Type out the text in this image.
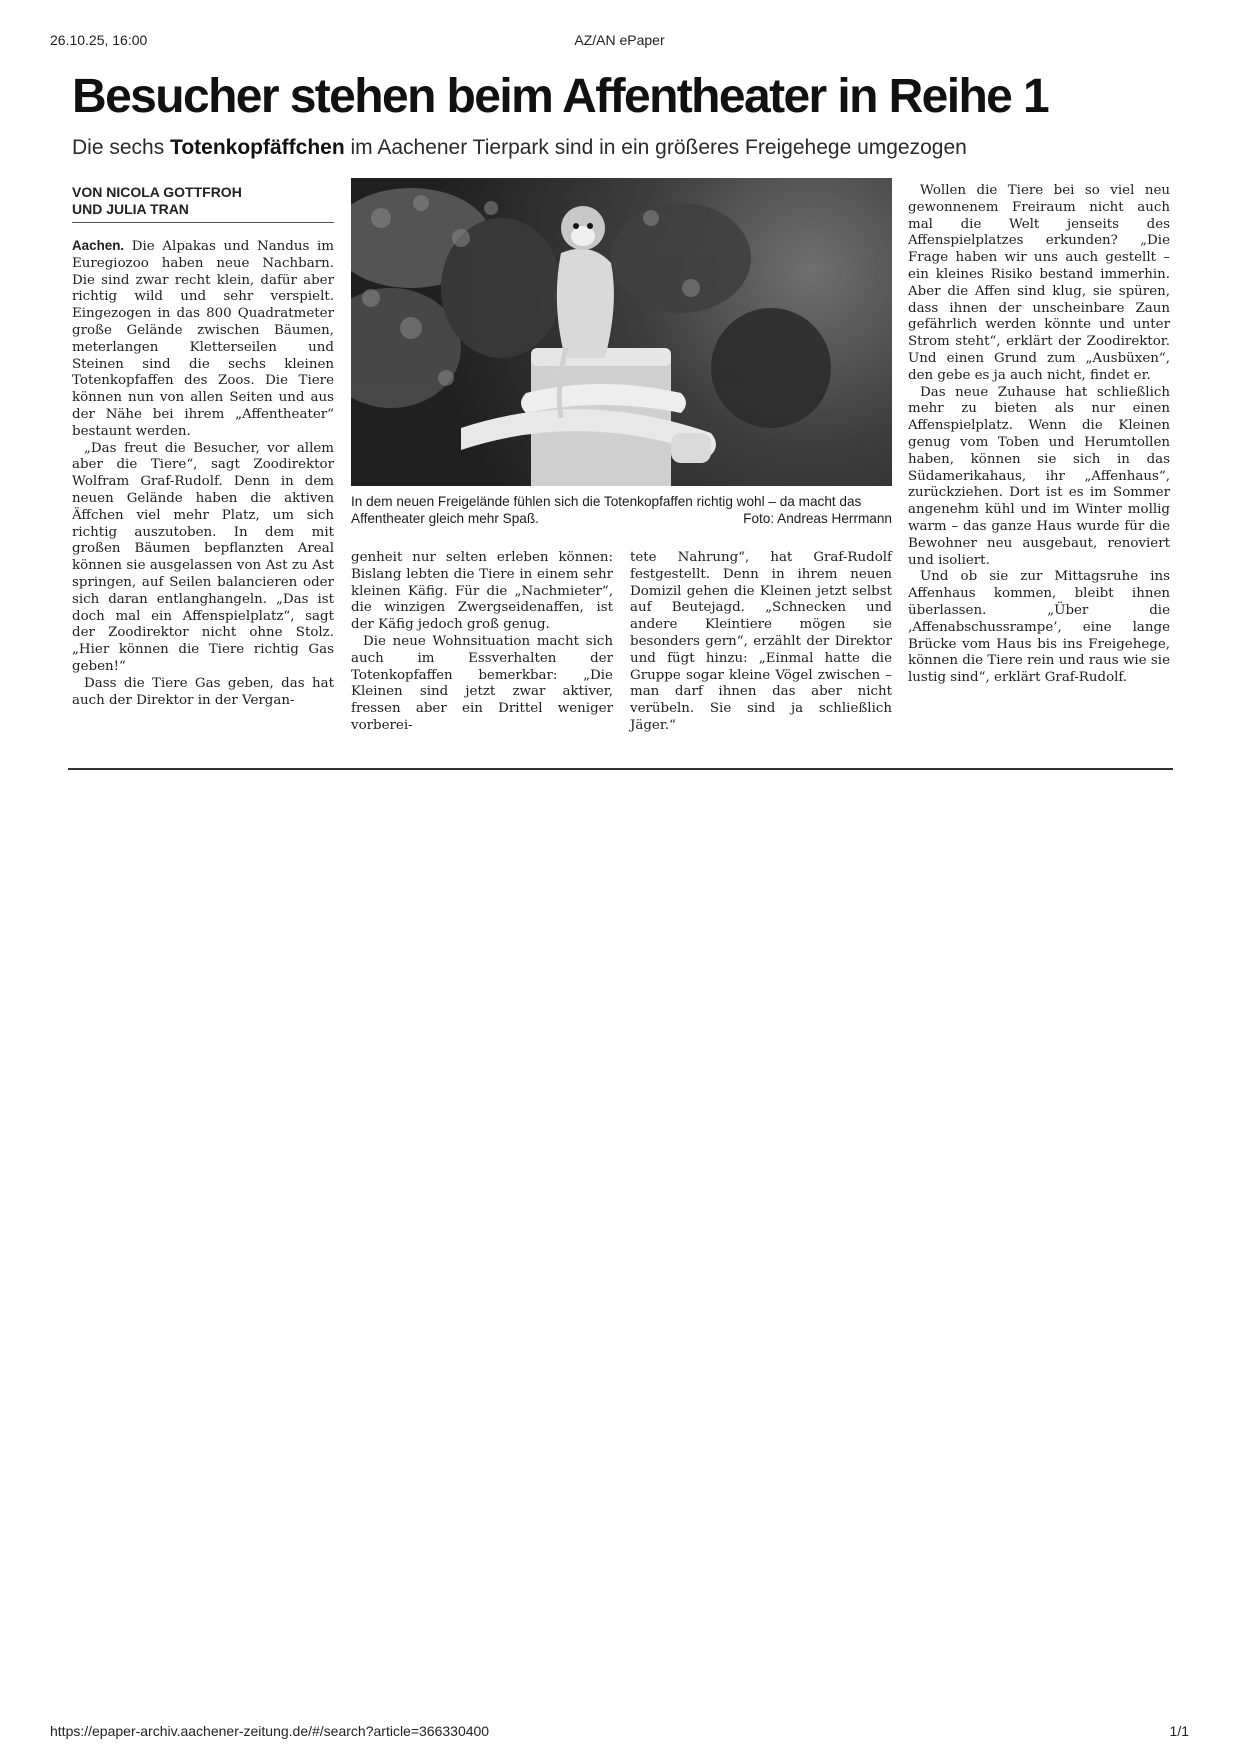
26.10.25, 16:00	AZ/AN ePaper
Besucher stehen beim Affentheater in Reihe 1
Die sechs Totenkopfäffchen im Aachener Tierpark sind in ein größeres Freigehege umgezogen
VON NICOLA GOTTFROH
UND JULIA TRAN

Aachen. Die Alpakas und Nandus im Euregiozoo haben neue Nachbarn. Die sind zwar recht klein, dafür aber richtig wild und sehr verspielt. Eingezogen in das 800 Quadratmeter große Gelände zwischen Bäumen, meterlangen Kletterseilen und Steinen sind die sechs kleinen Totenkopfaffen des Zoos. Die Tiere können nun von allen Seiten und aus der Nähe bei ihrem „Affentheater“ bestaunt werden.

„Das freut die Besucher, vor allem aber die Tiere“, sagt Zoodirektor Wolfram Graf-Rudolf. Denn in dem neuen Gelände haben die aktiven Äffchen viel mehr Platz, um sich richtig auszutoben. In dem mit großen Bäumen bepflanzten Areal können sie ausgelassen von Ast zu Ast springen, auf Seilen balancieren oder sich daran entlanghangeln. „Das ist doch mal ein Affenspielplatz“, sagt der Zoodirektor nicht ohne Stolz. „Hier können die Tiere richtig Gas geben!“

Dass die Tiere Gas geben, das hat auch der Direktor in der Vergan-

In dem neuen Freigelände fühlen sich die Totenkopfaffen richtig wohl – da macht das Affentheater gleich mehr Spaß.	Foto: Andreas Herrmann

genheit nur selten erleben können: Bislang lebten die Tiere in einem sehr kleinen Käfig. Für die „Nachmieter“, die winzigen Zwergseidenaffen, ist der Käfig jedoch groß genug.

Die neue Wohnsituation macht sich auch im Essverhalten der Totenkopfaffen bemerkbar: „Die Kleinen sind jetzt zwar aktiver, fressen aber ein Drittel weniger vorberei-

tete Nahrung“, hat Graf-Rudolf festgestellt. Denn in ihrem neuen Domizil gehen die Kleinen jetzt selbst auf Beutejagd. „Schnecken und andere Kleintiere mögen sie besonders gern“, erzählt der Direktor und fügt hinzu: „Einmal hatte die Gruppe sogar kleine Vögel zwischen – man darf ihnen das aber nicht verübeln. Sie sind ja schließlich Jäger.“

Wollen die Tiere bei so viel neu gewonnenem Freiraum nicht auch mal die Welt jenseits des Affenspielplatzes erkunden? „Die Frage haben wir uns auch gestellt – ein kleines Risiko bestand immerhin. Aber die Affen sind klug, sie spüren, dass ihnen der unscheinbare Zaun gefährlich werden könnte und unter Strom steht“, erklärt der Zoodirektor. Und einen Grund zum „Ausbüxen“, den gebe es ja auch nicht, findet er.

Das neue Zuhause hat schließlich mehr zu bieten als nur einen Affenspielplatz. Wenn die Kleinen genug vom Toben und Herumtollen haben, können sie sich in das Südamerikahaus, ihr „Affenhaus“, zurückziehen. Dort ist es im Sommer angenehm kühl und im Winter mollig warm – das ganze Haus wurde für die Bewohner neu ausgebaut, renoviert und isoliert.

Und ob sie zur Mittagsruhe ins Affenhaus kommen, bleibt ihnen überlassen. „Über die ‚Affenabschussrampe’, eine lange Brücke vom Haus bis ins Freigehege, können die Tiere rein und raus wie sie lustig sind“, erklärt Graf-Rudolf.

https://epaper-archiv.aachener-zeitung.de/#/search?article=366330400	1/1
